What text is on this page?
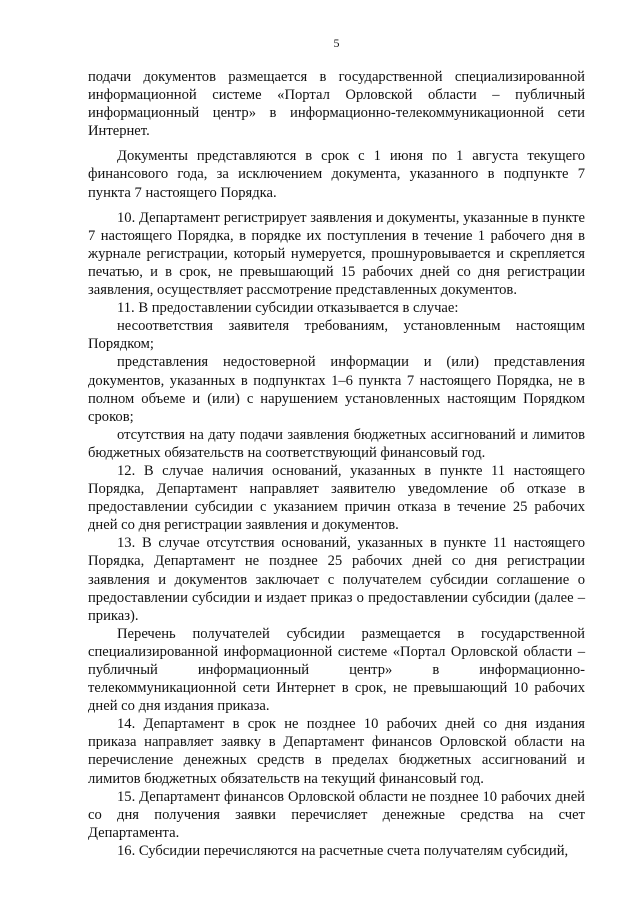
5

подачи документов размещается в государственной специализированной информационной системе «Портал Орловской области – публичный информационный центр» в информационно-телекоммуникационной сети Интернет.

Документы представляются в срок с 1 июня по 1 августа текущего финансового года, за исключением документа, указанного в подпункте 7 пункта 7 настоящего Порядка.

10. Департамент регистрирует заявления и документы, указанные в пункте 7 настоящего Порядка, в порядке их поступления в течение 1 рабочего дня в журнале регистрации, который нумеруется, прошнуровывается и скрепляется печатью, и в срок, не превышающий 15 рабочих дней со дня регистрации заявления, осуществляет рассмотрение представленных документов.

11. В предоставлении субсидии отказывается в случае:

несоответствия заявителя требованиям, установленным настоящим Порядком;

представления недостоверной информации и (или) представления документов, указанных в подпунктах 1–6 пункта 7 настоящего Порядка, не в полном объеме и (или) с нарушением установленных настоящим Порядком сроков;

отсутствия на дату подачи заявления бюджетных ассигнований и лимитов бюджетных обязательств на соответствующий финансовый год.

12. В случае наличия оснований, указанных в пункте 11 настоящего Порядка, Департамент направляет заявителю уведомление об отказе в предоставлении субсидии с указанием причин отказа в течение 25 рабочих дней со дня регистрации заявления и документов.

13. В случае отсутствия оснований, указанных в пункте 11 настоящего Порядка, Департамент не позднее 25 рабочих дней со дня регистрации заявления и документов заключает с получателем субсидии соглашение о предоставлении субсидии и издает приказ о предоставлении субсидии (далее – приказ).

Перечень получателей субсидии размещается в государственной специализированной информационной системе «Портал Орловской области – публичный информационный центр» в информационно-телекоммуникационной сети Интернет в срок, не превышающий 10 рабочих дней со дня издания приказа.

14. Департамент в срок не позднее 10 рабочих дней со дня издания приказа направляет заявку в Департамент финансов Орловской области на перечисление денежных средств в пределах бюджетных ассигнований и лимитов бюджетных обязательств на текущий финансовый год.

15. Департамент финансов Орловской области не позднее 10 рабочих дней со дня получения заявки перечисляет денежные средства на счет Департамента.

16. Субсидии перечисляются на расчетные счета получателям субсидий,
